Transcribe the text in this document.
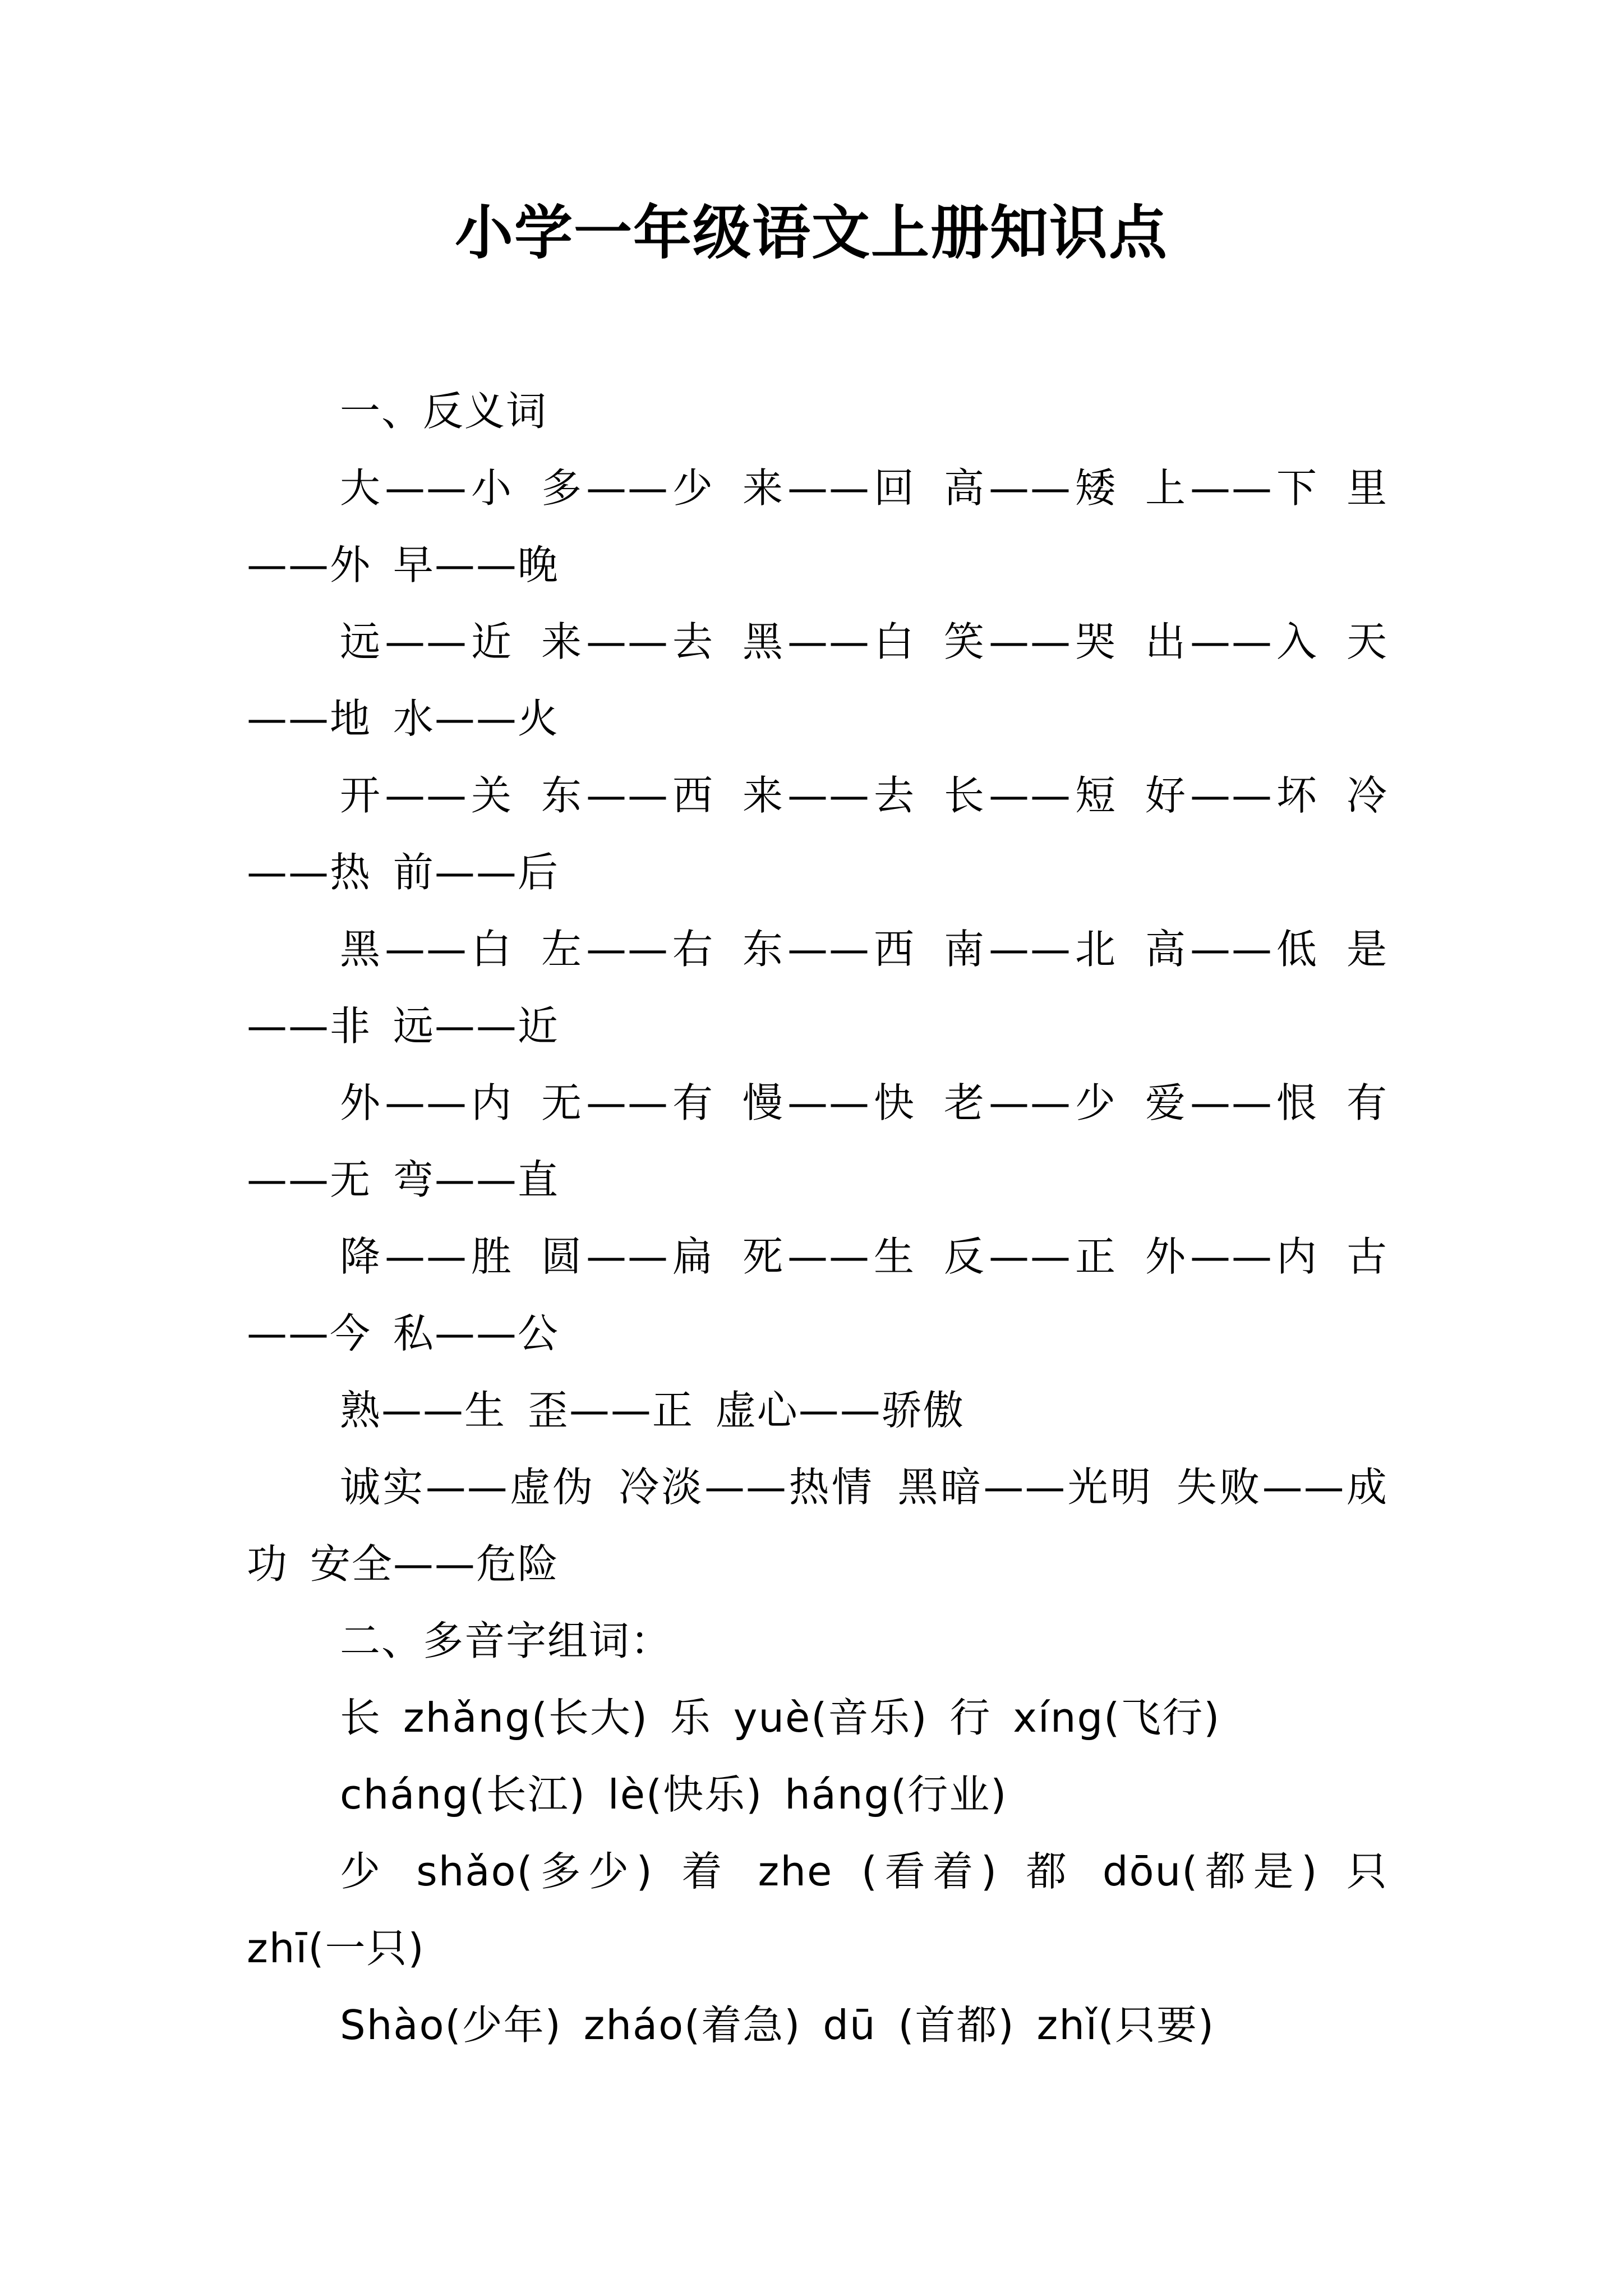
小学一年级语文上册知识点

一、反义词

大——小 多——少 来——回 高——矮 上——下 里——外 早——晚

远——近 来——去 黑——白 笑——哭 出——入 天——地 水——火

开——关 东——西 来——去 长——短 好——坏 冷——热 前——后

黑——白 左——右 东——西 南——北 高——低 是——非 远——近

外——内 无——有 慢——快 老——少 爱——恨 有——无 弯——直

降——胜 圆——扁 死——生 反——正 外——内 古——今 私——公

熟——生 歪——正 虚心——骄傲

诚实——虚伪 冷淡——热情 黑暗——光明 失败——成功 安全——危险

二、多音字组词：

长 zhǎng(长大) 乐 yuè(音乐) 行 xíng(飞行)

cháng(长江) lè(快乐) háng(行业)

少 shǎo(多少) 着 zhe (看着) 都 dōu(都是) 只 zhī(一只)

Shào(少年) zháo(着急) dū (首都) zhǐ(只要)
